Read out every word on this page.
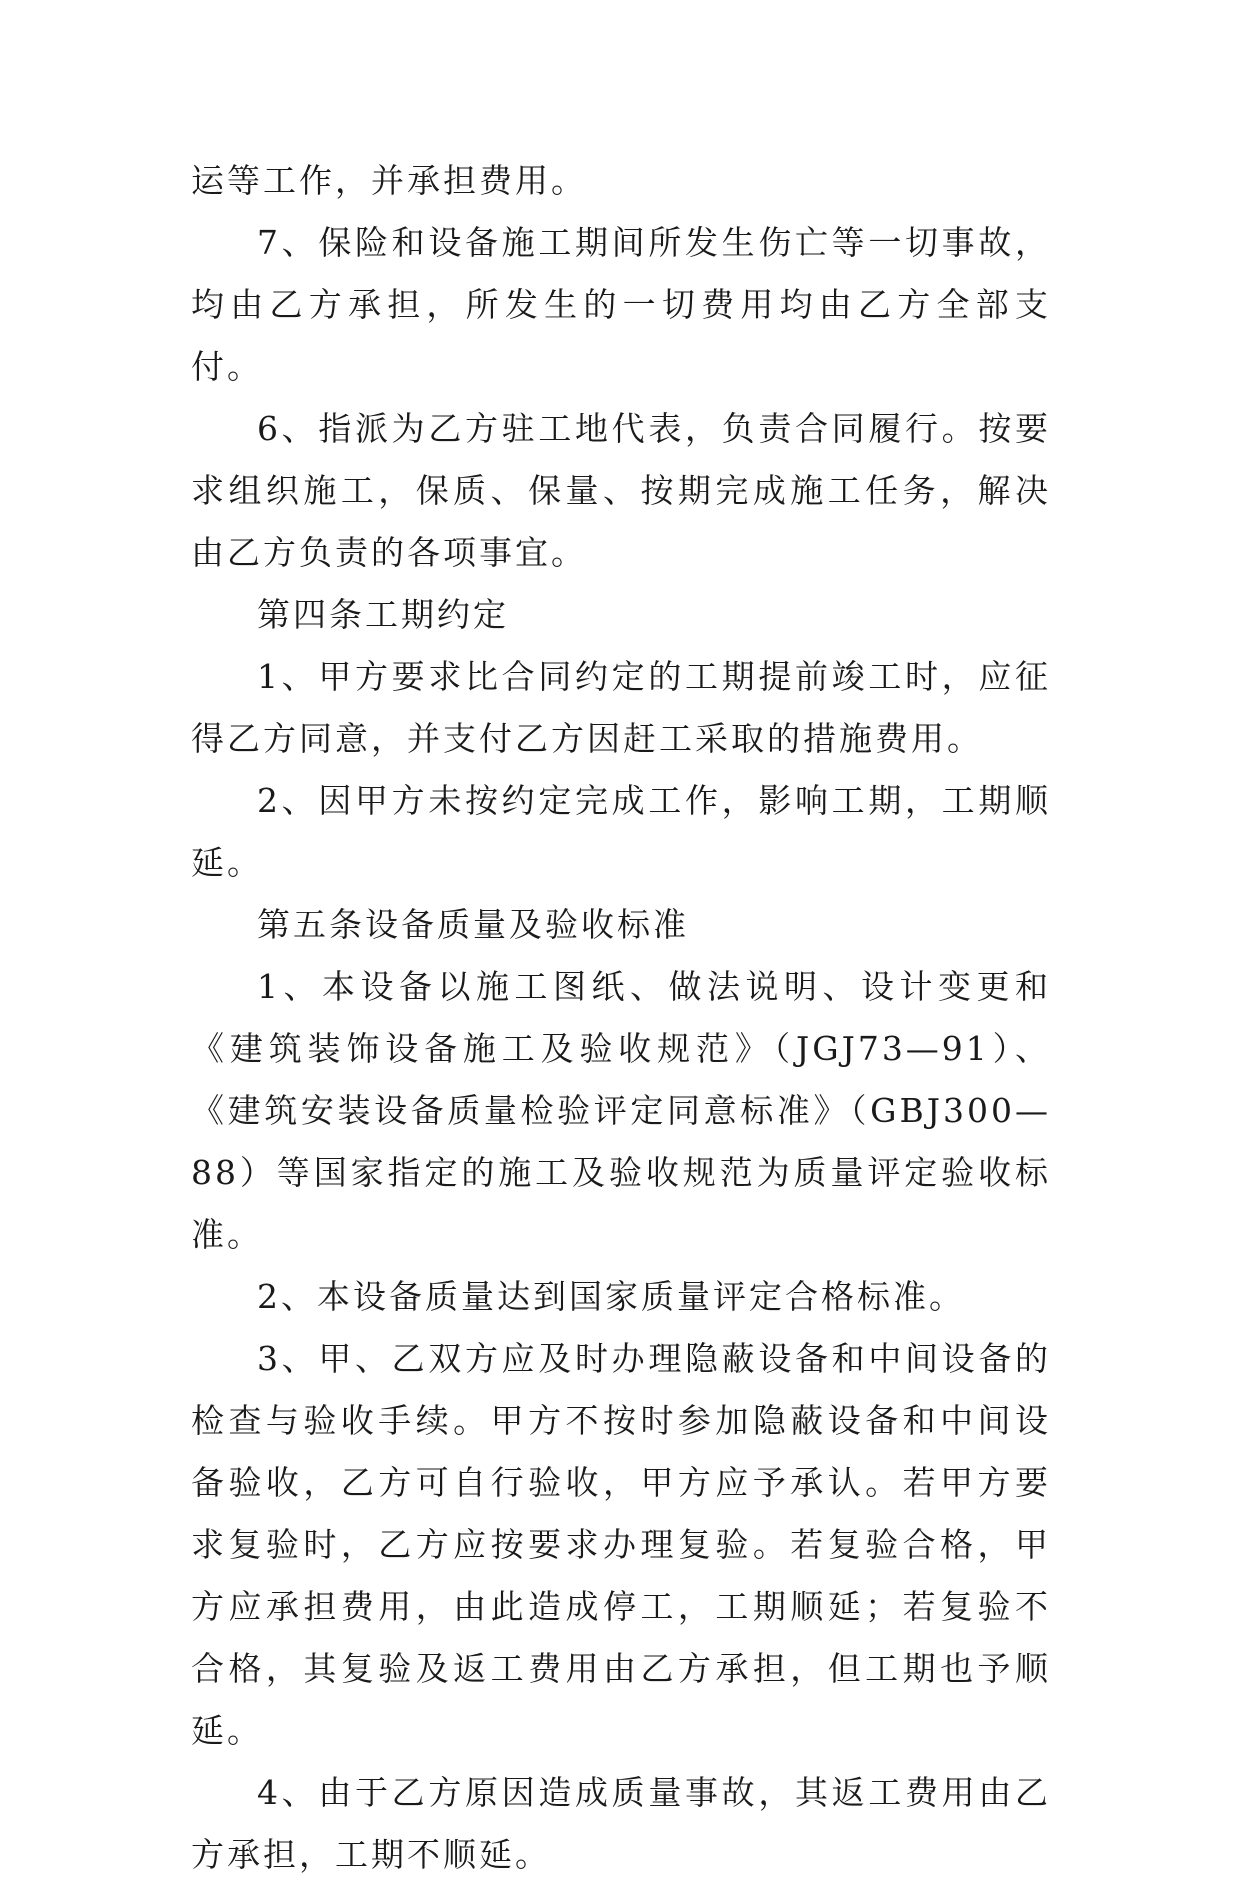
运等工作，并承担费用。

7、保险和设备施工期间所发生伤亡等一切事故，均由乙方承担，所发生的一切费用均由乙方全部支付。

6、指派为乙方驻工地代表，负责合同履行。按要求组织施工，保质、保量、按期完成施工任务，解决由乙方负责的各项事宜。

第四条工期约定

1、甲方要求比合同约定的工期提前竣工时，应征得乙方同意，并支付乙方因赶工采取的措施费用。

2、因甲方未按约定完成工作，影响工期，工期顺延。

第五条设备质量及验收标准

1、本设备以施工图纸、做法说明、设计变更和《建筑装饰设备施工及验收规范》（JGJ73—91）、《建筑安装设备质量检验评定同意标准》（GBJ300—88）等国家指定的施工及验收规范为质量评定验收标准。

2、本设备质量达到国家质量评定合格标准。

3、甲、乙双方应及时办理隐蔽设备和中间设备的检查与验收手续。甲方不按时参加隐蔽设备和中间设备验收，乙方可自行验收，甲方应予承认。若甲方要求复验时，乙方应按要求办理复验。若复验合格，甲方应承担费用，由此造成停工，工期顺延；若复验不合格，其复验及返工费用由乙方承担，但工期也予顺延。

4、由于乙方原因造成质量事故，其返工费用由乙方承担，工期不顺延。
